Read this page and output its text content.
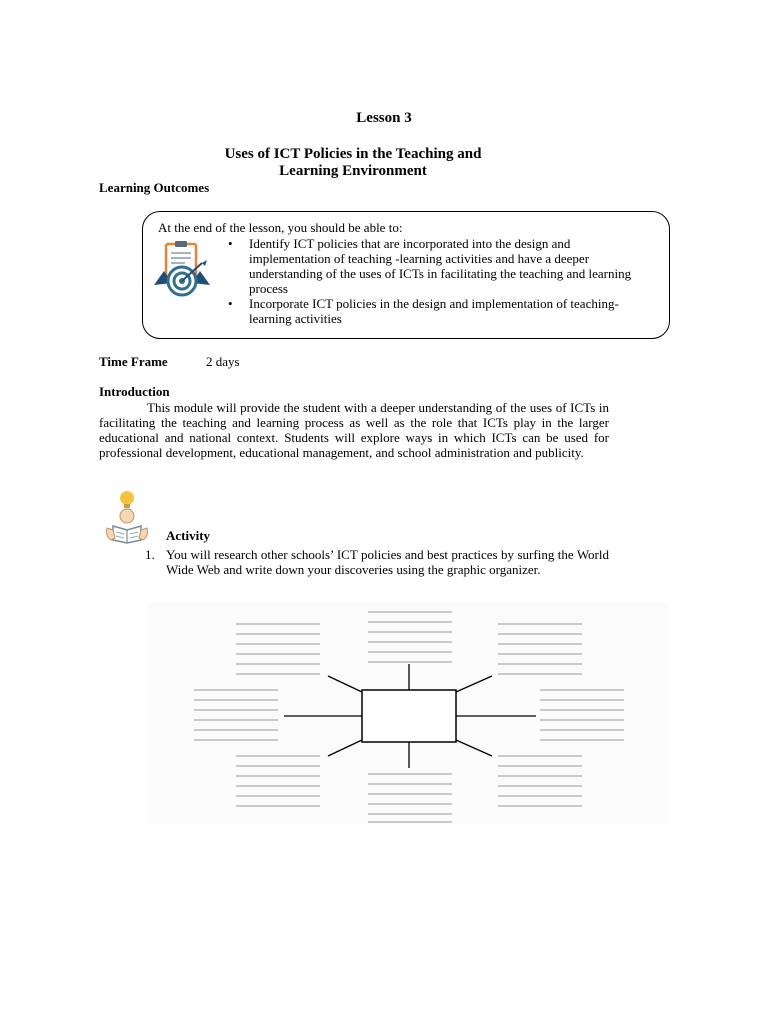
Lesson 3
Uses of ICT Policies in the Teaching and
Learning Environment
Learning Outcomes
At the end of the lesson, you should be able to:
• Identify ICT policies that are incorporated into the design and implementation of teaching -learning activities and have a deeper understanding of the uses of ICTs in facilitating the teaching and learning process
• Incorporate ICT policies in the design and implementation of teaching-learning activities
Time Frame	2 days
Introduction
This module will provide the student with a deeper understanding of the uses of ICTs in facilitating the teaching and learning process as well as the role that ICTs play in the larger educational and national context. Students will explore ways in which ICTs can be used for professional development, educational management, and school administration and publicity.
Activity
1. You will research other schools’ ICT policies and best practices by surfing the World Wide Web and write down your discoveries using the graphic organizer.
